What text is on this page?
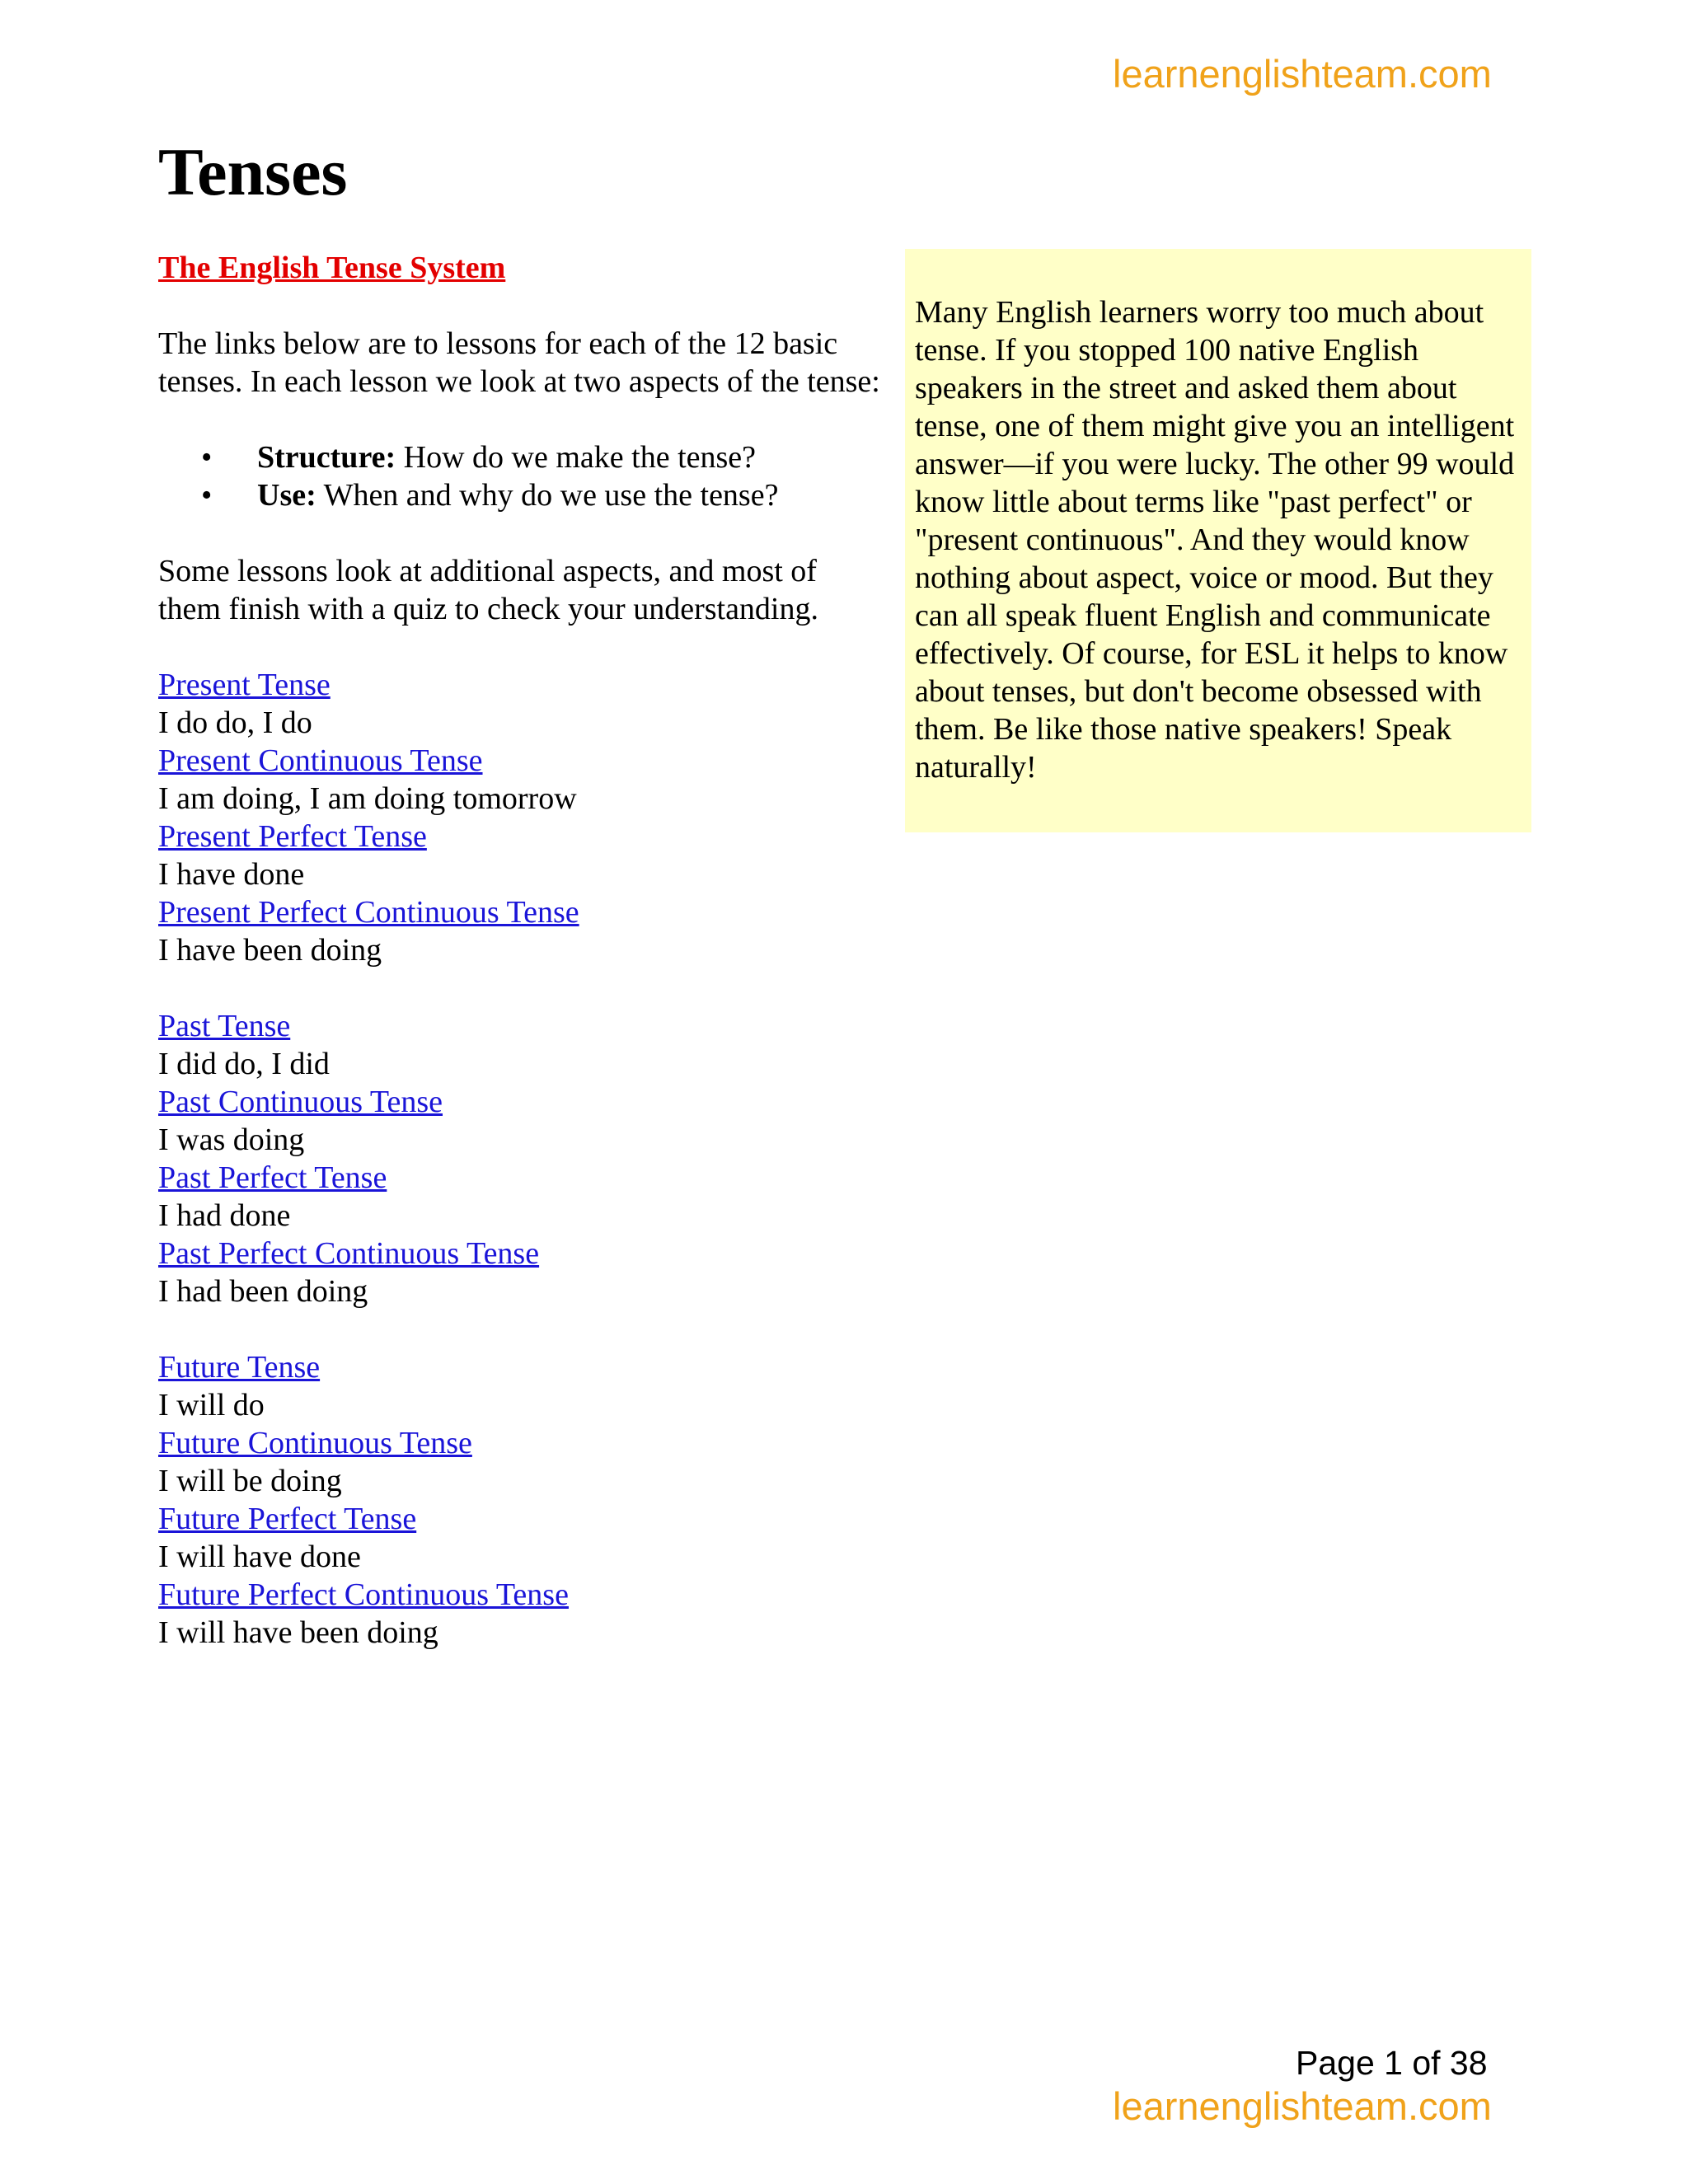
learnenglishteam.com
Tenses

The English Tense System

The links below are to lessons for each of the 12 basic tenses. In each lesson we look at two aspects of the tense:

• Structure: How do we make the tense?
• Use: When and why do we use the tense?

Some lessons look at additional aspects, and most of them finish with a quiz to check your understanding.

Present Tense
I do do, I do
Present Continuous Tense
I am doing, I am doing tomorrow
Present Perfect Tense
I have done
Present Perfect Continuous Tense
I have been doing
Past Tense
I did do, I did
Past Continuous Tense
I was doing
Past Perfect Tense
I had done
Past Perfect Continuous Tense
I had been doing
Future Tense
I will do
Future Continuous Tense
I will be doing
Future Perfect Tense
I will have done
Future Perfect Continuous Tense
I will have been doing
Many English learners worry too much about tense. If you stopped 100 native English speakers in the street and asked them about tense, one of them might give you an intelligent answer—if you were lucky. The other 99 would know little about terms like "past perfect" or "present continuous". And they would know nothing about aspect, voice or mood. But they can all speak fluent English and communicate effectively. Of course, for ESL it helps to know about tenses, but don't become obsessed with them. Be like those native speakers! Speak naturally!
Page 1 of 38
learnenglishteam.com
